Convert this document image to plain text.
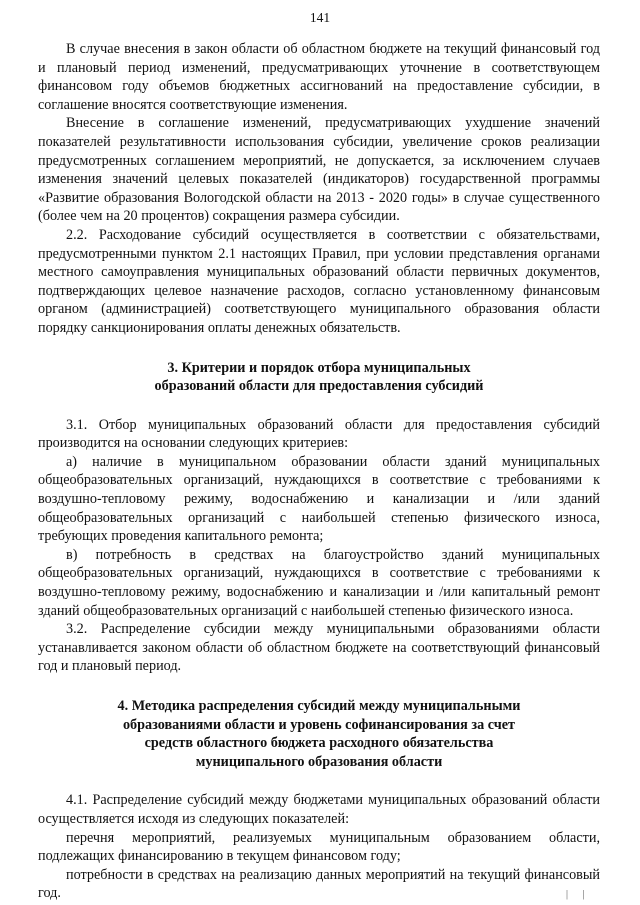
141

В случае внесения в закон области об областном бюджете на текущий финансовый год и плановый период изменений, предусматривающих уточнение в соответствующем финансовом году объемов бюджетных ассигнований на предоставление субсидии, в соглашение вносятся соответствующие изменения.

Внесение в соглашение изменений, предусматривающих ухудшение значений показателей результативности использования субсидии, увеличение сроков реализации предусмотренных соглашением мероприятий, не допускается, за исключением случаев изменения значений целевых показателей (индикаторов) государственной программы «Развитие образования Вологодской области на 2013 - 2020 годы» в случае существенного (более чем на 20 процентов) сокращения размера субсидии.

2.2. Расходование субсидий осуществляется в соответствии с обязательствами, предусмотренными пунктом 2.1 настоящих Правил, при условии представления органами местного самоуправления муниципальных образований области первичных документов, подтверждающих целевое назначение расходов, согласно установленному финансовым органом (администрацией) соответствующего муниципального образования области порядку санкционирования оплаты денежных обязательств.

3. Критерии и порядок отбора муниципальных
образований области для предоставления субсидий

3.1. Отбор муниципальных образований области для предоставления субсидий производится на основании следующих критериев:

а) наличие в муниципальном образовании области зданий муниципальных общеобразовательных организаций, нуждающихся в соответствие с требованиями к воздушно-тепловому режиму, водоснабжению и канализации и /или зданий общеобразовательных организаций с наибольшей степенью физического износа, требующих проведения капитального ремонта;

в) потребность в средствах на благоустройство зданий муниципальных общеобразовательных организаций, нуждающихся в соответствие с требованиями к воздушно-тепловому режиму, водоснабжению и канализации и /или капитальный ремонт зданий общеобразовательных организаций с наибольшей степенью физического износа.

3.2. Распределение субсидии между муниципальными образованиями области устанавливается законом области об областном бюджете на соответствующий финансовый год и плановый период.

4. Методика распределения субсидий между муниципальными
образованиями области и уровень софинансирования за счет
средств областного бюджета расходного обязательства
муниципального образования области

4.1. Распределение субсидий между бюджетами муниципальных образований области осуществляется исходя из следующих показателей:

перечня мероприятий, реализуемых муниципальным образованием области, подлежащих финансированию в текущем финансовом году;

потребности в средствах на реализацию данных мероприятий на текущий финансовый год.	| |
